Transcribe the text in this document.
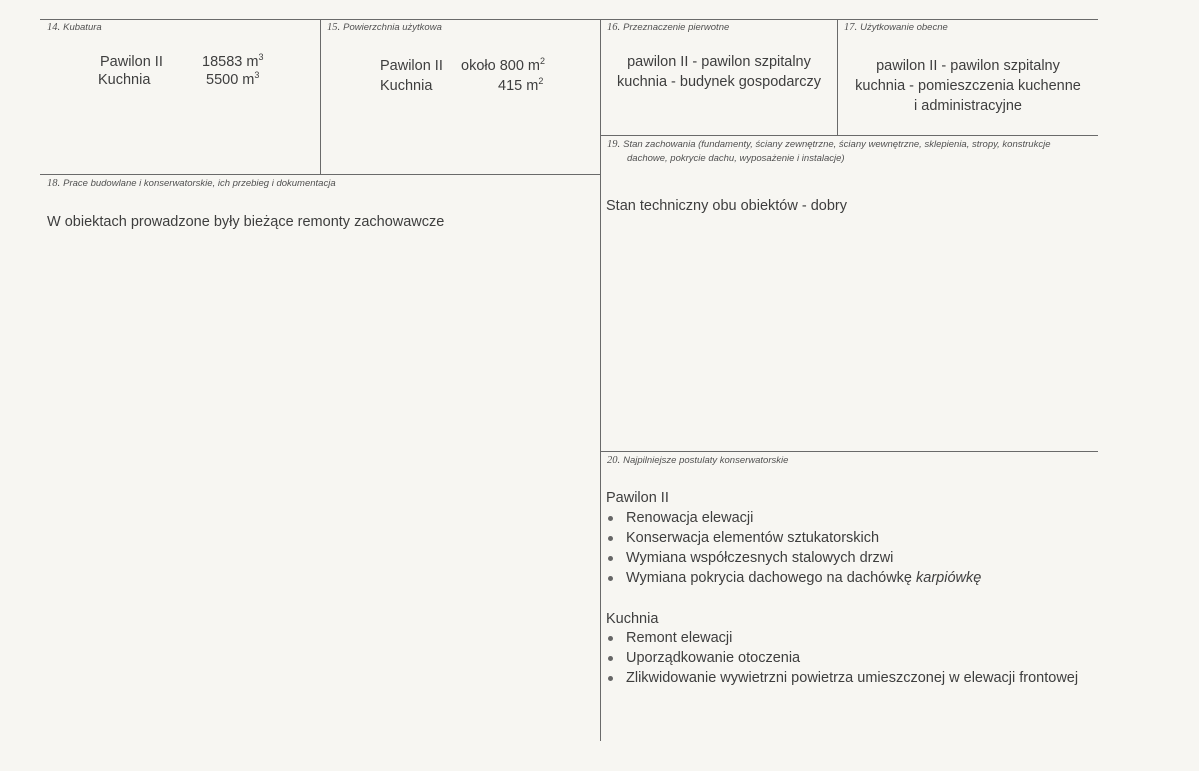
14. Kubatura
Pawilon II	18583 $m^3$
Kuchnia	5500 $m^3$
15. Powierzchnia użytkowa
Pawilon II około 800 $m^2$
Kuchnia	415 $m^2$
16. Przeznaczenie pierwotne
pawilon II - pawilon szpitalny
kuchnia - budynek gospodarczy
17. Użytkowanie obecne
pawilon II - pawilon szpitalny
kuchnia - pomieszczenia kuchenne
i administracyjne
18. Prace budowlane i konserwatorskie, ich przebieg i dokumentacja
W obiektach prowadzone były bieżące remonty zachowawcze
19. Stan zachowania (fundamenty, ściany zewnętrzne, ściany wewnętrzne, sklepienia, stropy, konstrukcje
dachowe, pokrycie dachu, wyposażenie i instalacje)
Stan techniczny obu obiektów - dobry
20. Najpilniejsze postulaty konserwatorskie
Pawilon II
Renowacja elewacji
Konserwacja elementów sztukatorskich
Wymiana współczesnych stalowych drzwi
Wymiana pokrycia dachowego na dachówkę karpiówkę
Kuchnia
Remont elewacji
Uporządkowanie otoczenia
Zlikwidowanie wywietrzni powietrza umieszczonej w elewacji frontowej
